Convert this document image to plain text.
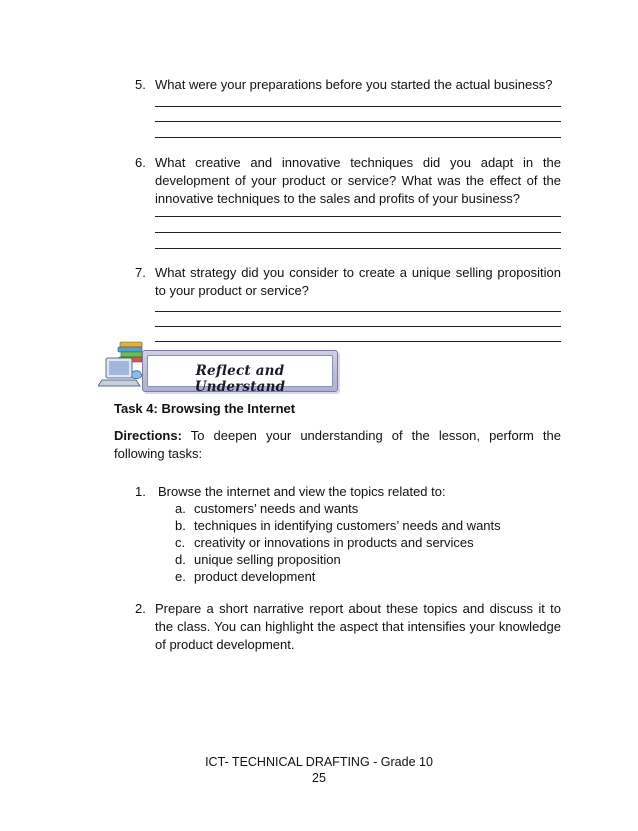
5. What were your preparations before you started the actual business?
6. What creative and innovative techniques did you adapt in the development of your product or service? What was the effect of the innovative techniques to the sales and profits of your business?
7. What strategy did you consider to create a unique selling proposition to your product or service?
Reflect and Understand
Task 4: Browsing the Internet
Directions: To deepen your understanding of the lesson, perform the following tasks:
1. Browse the internet and view the topics related to:
a. customers’ needs and wants
b. techniques in identifying customers’ needs and wants
c. creativity or innovations in products and services
d. unique selling proposition
e. product development
2. Prepare a short narrative report about these topics and discuss it to the class. You can highlight the aspect that intensifies your knowledge of product development.
ICT- TECHNICAL DRAFTING - Grade 10
25
